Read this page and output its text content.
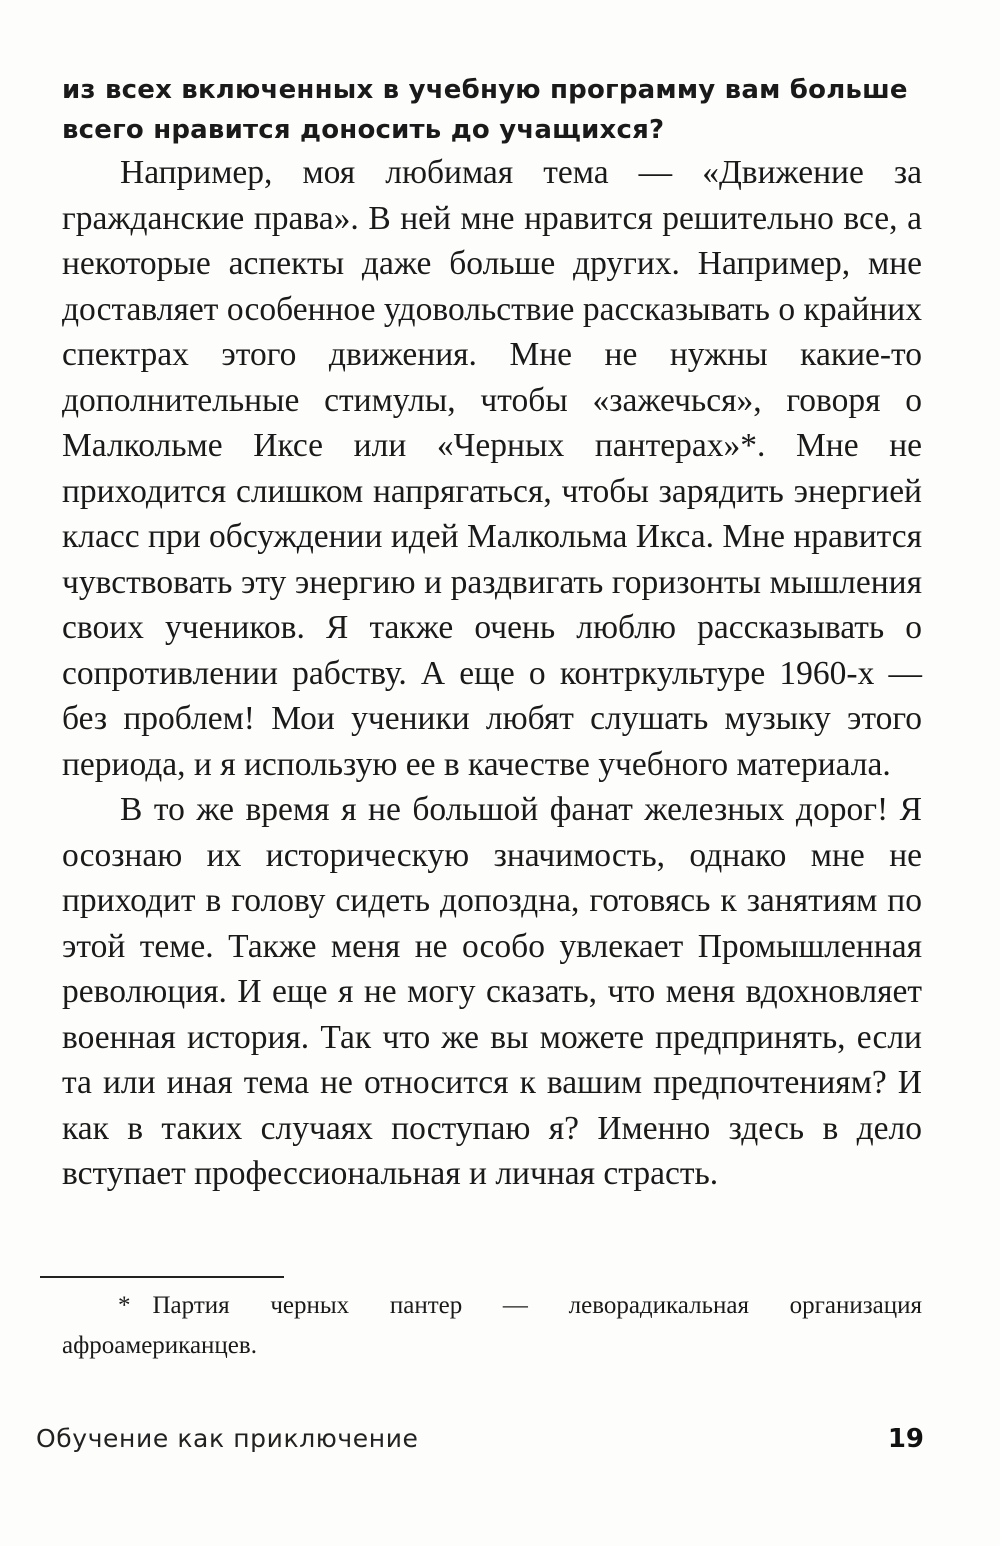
из всех включенных в учебную программу вам больше
всего нравится доносить до учащихся?

Например, моя любимая тема — «Движение за гражданские права». В ней мне нравится решительно все, а некоторые аспекты даже больше других. Например, мне доставляет особенное удовольствие рассказывать о крайних спектрах этого движения. Мне не нужны какие-то дополнительные стимулы, чтобы «зажечься», говоря о Малкольме Иксе или «Черных пантерах»*. Мне не приходится слишком напрягаться, чтобы зарядить энергией класс при обсуждении идей Малкольма Икса. Мне нравится чувствовать эту энергию и раздвигать горизонты мышления своих учеников. Я также очень люблю рассказывать о сопротивлении рабству. А еще о контркультуре 1960-х — без проблем! Мои ученики любят слушать музыку этого периода, и я использую ее в качестве учебного материала.

В то же время я не большой фанат железных дорог! Я осознаю их историческую значимость, однако мне не приходит в голову сидеть допоздна, готовясь к занятиям по этой теме. Также меня не особо увлекает Промышленная революция. И еще я не могу сказать, что меня вдохновляет военная история. Так что же вы можете предпринять, если та или иная тема не относится к вашим предпочтениям? И как в таких случаях поступаю я? Именно здесь в дело вступает профессиональная и личная страсть.

* Партия черных пантер — леворадикальная организация афроамериканцев.

Обучение как приключение	19
